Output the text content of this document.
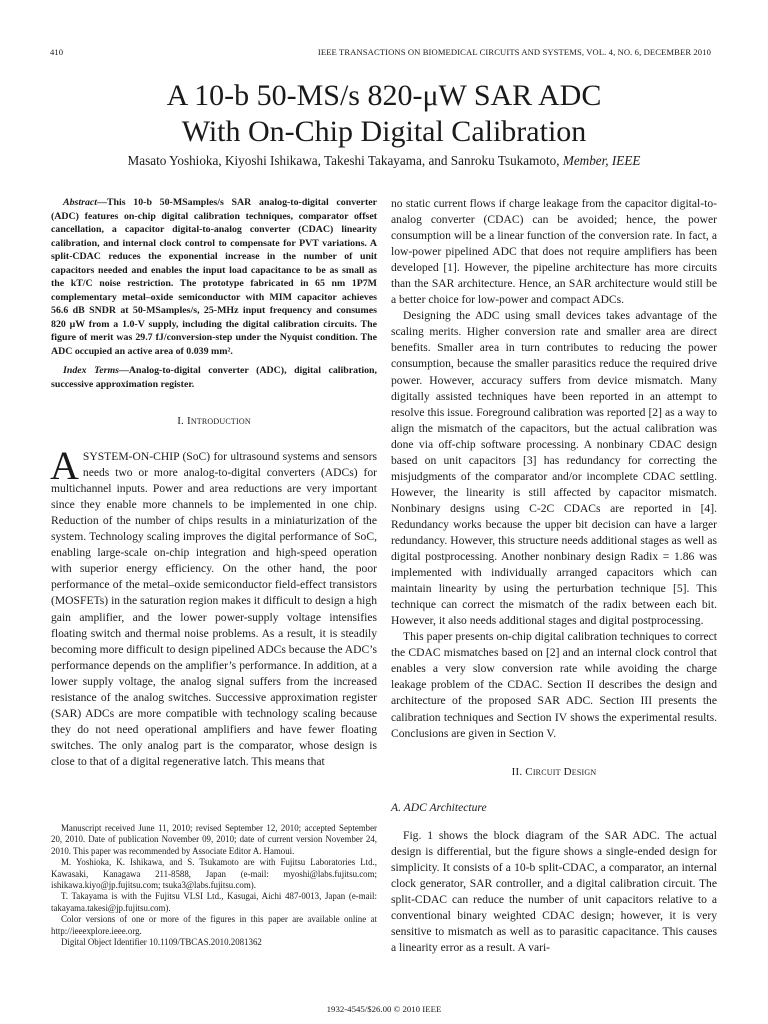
410	IEEE TRANSACTIONS ON BIOMEDICAL CIRCUITS AND SYSTEMS, VOL. 4, NO. 6, DECEMBER 2010
A 10-b 50-MS/s 820-μW SAR ADC
With On-Chip Digital Calibration
Masato Yoshioka, Kiyoshi Ishikawa, Takeshi Takayama, and Sanroku Tsukamoto, Member, IEEE

Abstract—This 10-b 50-MSamples/s SAR analog-to-digital converter (ADC) features on-chip digital calibration techniques, comparator offset cancellation, a capacitor digital-to-analog converter (CDAC) linearity calibration, and internal clock control to compensate for PVT variations. A split-CDAC reduces the exponential increase in the number of unit capacitors needed and enables the input load capacitance to be as small as the kT/C noise restriction. The prototype fabricated in 65 nm 1P7M complementary metal–oxide semiconductor with MIM capacitor achieves 56.6 dB SNDR at 50-MSamples/s, 25-MHz input frequency and consumes 820 μW from a 1.0-V supply, including the digital calibration circuits. The figure of merit was 29.7 fJ/conversion-step under the Nyquist condition. The ADC occupied an active area of 0.039 mm².

Index Terms—Analog-to-digital converter (ADC), digital calibration, successive approximation register.

I. Introduction

ASYSTEM-ON-CHIP (SoC) for ultrasound systems and sensors needs two or more analog-to-digital converters (ADCs) for multichannel inputs. Power and area reductions are very important since they enable more channels to be implemented in one chip. Reduction of the number of chips results in a miniaturization of the system. Technology scaling improves the digital performance of SoC, enabling large-scale on-chip integration and high-speed operation with superior energy efficiency. On the other hand, the poor performance of the metal–oxide semiconductor field-effect transistors (MOSFETs) in the saturation region makes it difficult to design a high gain amplifier, and the lower power-supply voltage intensifies floating switch and thermal noise problems. As a result, it is steadily becoming more difficult to design pipelined ADCs because the ADC’s performance depends on the amplifier’s performance. In addition, at a lower supply voltage, the analog signal suffers from the increased resistance of the analog switches. Successive approximation register (SAR) ADCs are more compatible with technology scaling because they do not need operational amplifiers and have fewer floating switches. The only analog part is the comparator, whose design is close to that of a digital regenerative latch. This means that

Manuscript received June 11, 2010; revised September 12, 2010; accepted September 20, 2010. Date of publication November 09, 2010; date of current version November 24, 2010. This paper was recommended by Associate Editor A. Hamoui.

M. Yoshioka, K. Ishikawa, and S. Tsukamoto are with Fujitsu Laboratories Ltd., Kawasaki, Kanagawa 211-8588, Japan (e-mail: myoshi@labs.fujitsu.com; ishikawa.kiyo@jp.fujitsu.com; tsuka3@labs.fujitsu.com).

T. Takayama is with the Fujitsu VLSI Ltd., Kasugai, Aichi 487-0013, Japan (e-mail: takayama.takesi@jp.fujitsu.com).

Color versions of one or more of the figures in this paper are available online at http://ieeexplore.ieee.org.

Digital Object Identifier 10.1109/TBCAS.2010.2081362

no static current flows if charge leakage from the capacitor digital-to-analog converter (CDAC) can be avoided; hence, the power consumption will be a linear function of the conversion rate. In fact, a low-power pipelined ADC that does not require amplifiers has been developed [1]. However, the pipeline architecture has more circuits than the SAR architecture. Hence, an SAR architecture would still be a better choice for low-power and compact ADCs.

Designing the ADC using small devices takes advantage of the scaling merits. Higher conversion rate and smaller area are direct benefits. Smaller area in turn contributes to reducing the power consumption, because the smaller parasitics reduce the required drive power. However, accuracy suffers from device mismatch. Many digitally assisted techniques have been reported in an attempt to resolve this issue. Foreground calibration was reported [2] as a way to align the mismatch of the capacitors, but the actual calibration was done via off-chip software processing. A nonbinary CDAC design based on unit capacitors [3] has redundancy for correcting the misjudgments of the comparator and/or incomplete CDAC settling. However, the linearity is still affected by capacitor mismatch. Nonbinary designs using C-2C CDACs are reported in [4]. Redundancy works because the upper bit decision can have a larger redundancy. However, this structure needs additional stages as well as digital postprocessing. Another nonbinary design Radix = 1.86 was implemented with individually arranged capacitors which can maintain linearity by using the perturbation technique [5]. This technique can correct the mismatch of the radix between each bit. However, it also needs additional stages and digital postprocessing.

This paper presents on-chip digital calibration techniques to correct the CDAC mismatches based on [2] and an internal clock control that enables a very slow conversion rate while avoiding the charge leakage problem of the CDAC. Section II describes the design and architecture of the proposed SAR ADC. Section III presents the calibration techniques and Section IV shows the experimental results. Conclusions are given in Section V.

II. Circuit Design
A. ADC Architecture

Fig. 1 shows the block diagram of the SAR ADC. The actual design is differential, but the figure shows a single-ended design for simplicity. It consists of a 10-b split-CDAC, a comparator, an internal clock generator, SAR controller, and a digital calibration circuit. The split-CDAC can reduce the number of unit capacitors relative to a conventional binary weighted CDAC design; however, it is very sensitive to mismatch as well as to parasitic capacitance. This causes a linearity error as a result. A vari-

1932-4545/$26.00 © 2010 IEEE
